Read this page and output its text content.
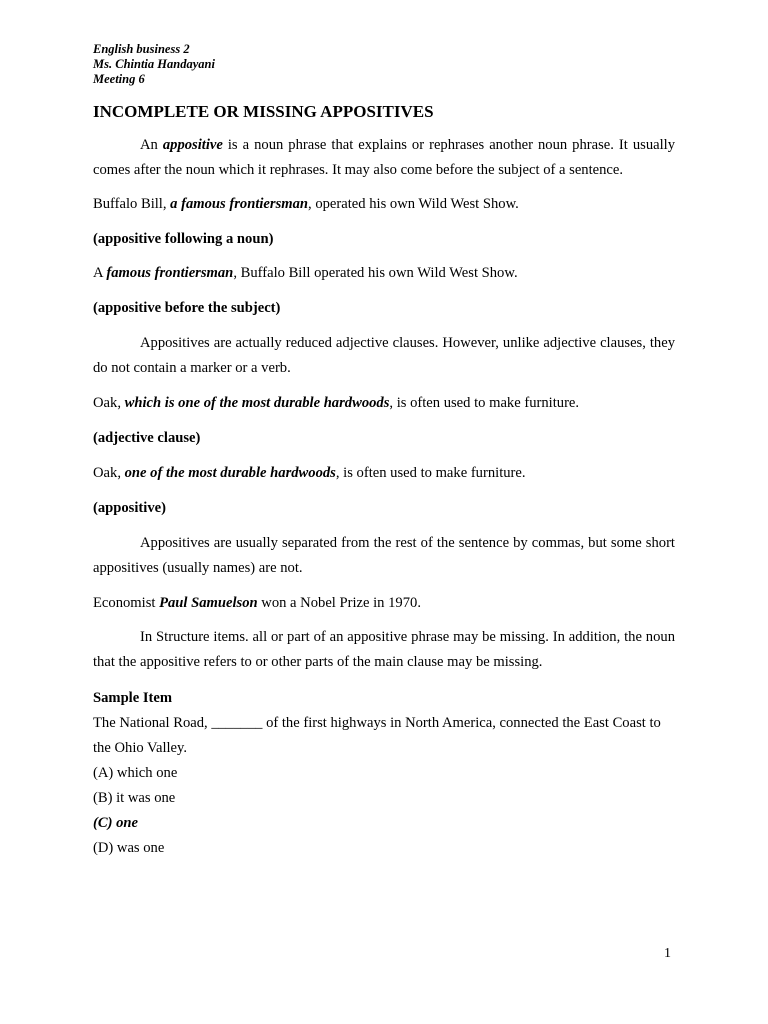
English business 2
Ms. Chintia Handayani
Meeting 6
INCOMPLETE OR MISSING APPOSITIVES

An appositive is a noun phrase that explains or rephrases another noun phrase. It usually comes after the noun which it rephrases. It may also come before the subject of a sentence.

Buffalo Bill, a famous frontiersman, operated his own Wild West Show.

(appositive following a noun)

A famous frontiersman, Buffalo Bill operated his own Wild West Show.

(appositive before the subject)

Appositives are actually reduced adjective clauses. However, unlike adjective clauses, they do not contain a marker or a verb.

Oak, which is one of the most durable hardwoods, is often used to make furniture.

(adjective clause)

Oak, one of the most durable hardwoods, is often used to make furniture.

(appositive)

Appositives are usually separated from the rest of the sentence by commas, but some short appositives (usually names) are not.

Economist Paul Samuelson won a Nobel Prize in 1970.

In Structure items. all or part of an appositive phrase may be missing. In addition, the noun that the appositive refers to or other parts of the main clause may be missing.

Sample Item

The National Road, _______ of the first highways in North America, connected the East Coast to the Ohio Valley.

(A) which one

(B) it was one

(C) one

(D) was one

1
